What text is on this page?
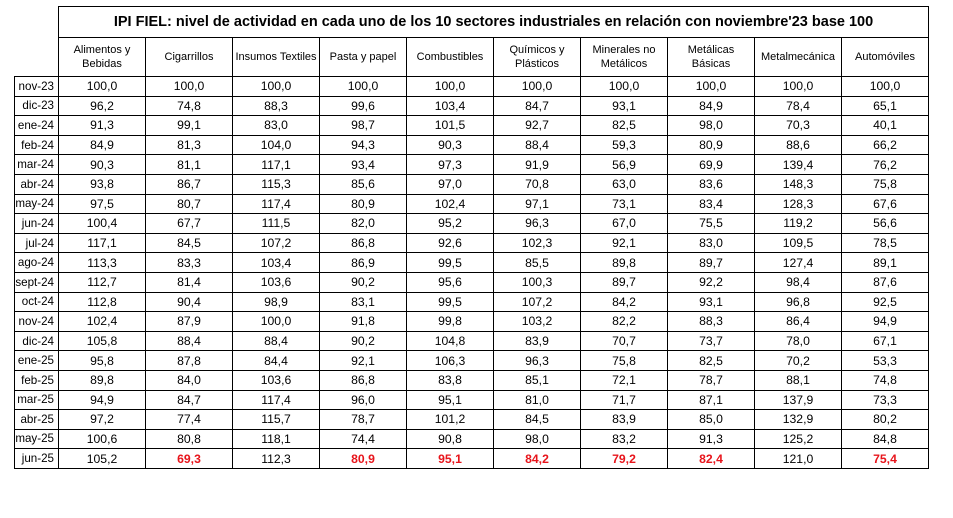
	IPI FIEL: nivel de actividad en cada uno de los 10 sectores industriales en relación con noviembre'23 base 100									
	Alimentos y Bebidas	Cigarrillos	Insumos Textiles	Pasta y papel	Combustibles	Químicos y Plásticos	Minerales no Metálicos	Metálicas Básicas	Metalmecánica	Automóviles
nov-23	100,0	100,0	100,0	100,0	100,0	100,0	100,0	100,0	100,0	100,0
dic-23	96,2	74,8	88,3	99,6	103,4	84,7	93,1	84,9	78,4	65,1
ene-24	91,3	99,1	83,0	98,7	101,5	92,7	82,5	98,0	70,3	40,1
feb-24	84,9	81,3	104,0	94,3	90,3	88,4	59,3	80,9	88,6	66,2
mar-24	90,3	81,1	117,1	93,4	97,3	91,9	56,9	69,9	139,4	76,2
abr-24	93,8	86,7	115,3	85,6	97,0	70,8	63,0	83,6	148,3	75,8
may-24	97,5	80,7	117,4	80,9	102,4	97,1	73,1	83,4	128,3	67,6
jun-24	100,4	67,7	111,5	82,0	95,2	96,3	67,0	75,5	119,2	56,6
jul-24	117,1	84,5	107,2	86,8	92,6	102,3	92,1	83,0	109,5	78,5
ago-24	113,3	83,3	103,4	86,9	99,5	85,5	89,8	89,7	127,4	89,1
sept-24	112,7	81,4	103,6	90,2	95,6	100,3	89,7	92,2	98,4	87,6
oct-24	112,8	90,4	98,9	83,1	99,5	107,2	84,2	93,1	96,8	92,5
nov-24	102,4	87,9	100,0	91,8	99,8	103,2	82,2	88,3	86,4	94,9
dic-24	105,8	88,4	88,4	90,2	104,8	83,9	70,7	73,7	78,0	67,1
ene-25	95,8	87,8	84,4	92,1	106,3	96,3	75,8	82,5	70,2	53,3
feb-25	89,8	84,0	103,6	86,8	83,8	85,1	72,1	78,7	88,1	74,8
mar-25	94,9	84,7	117,4	96,0	95,1	81,0	71,7	87,1	137,9	73,3
abr-25	97,2	77,4	115,7	78,7	101,2	84,5	83,9	85,0	132,9	80,2
may-25	100,6	80,8	118,1	74,4	90,8	98,0	83,2	91,3	125,2	84,8
jun-25	105,2	69,3	112,3	80,9	95,1	84,2	79,2	82,4	121,0	75,4
